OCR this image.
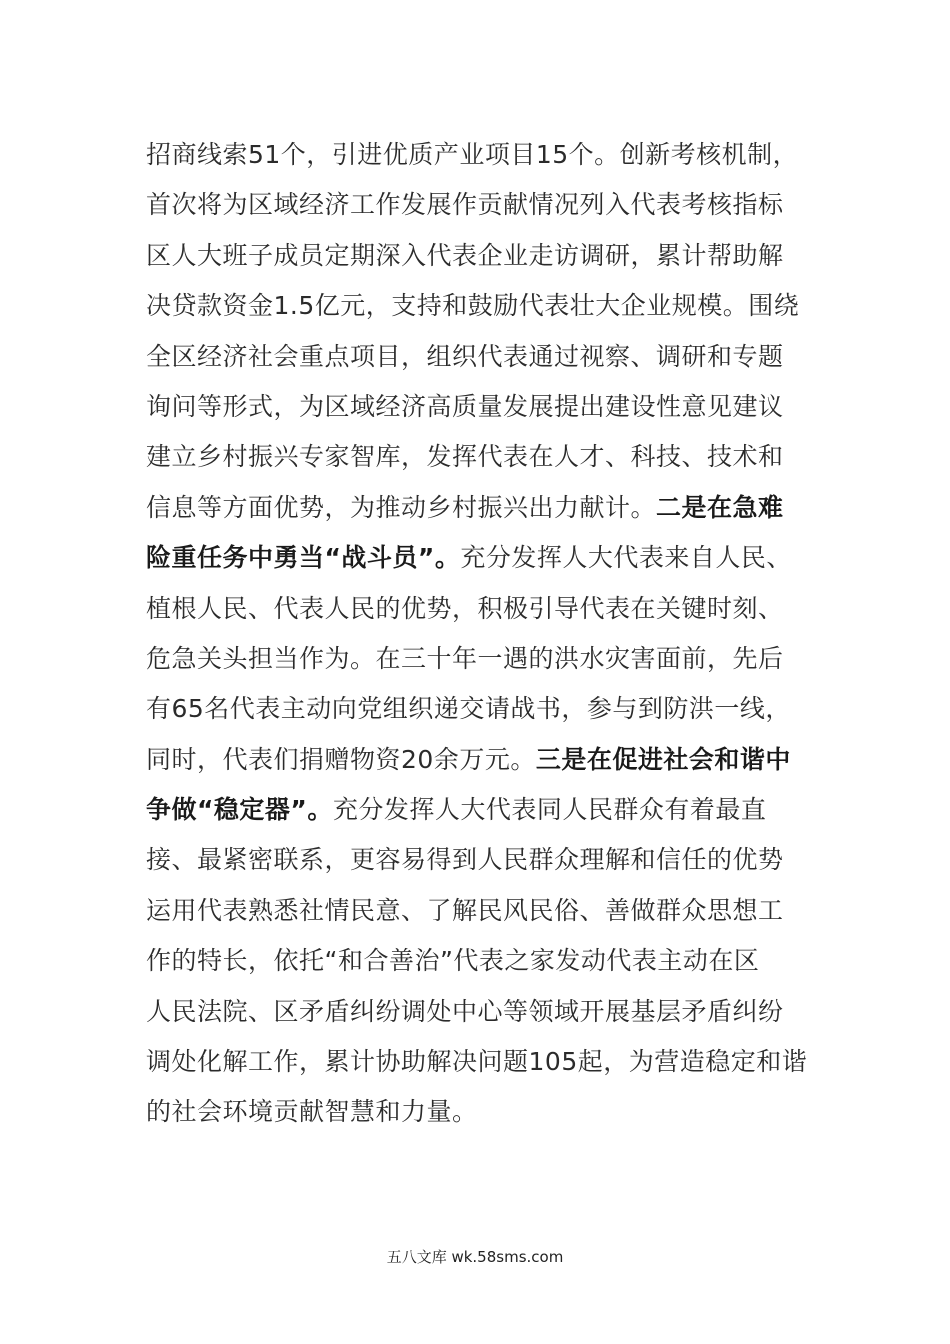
招商线索51个，引进优质产业项目15个。创新考核机制，
首次将为区域经济工作发展作贡献情况列入代表考核指标
区人大班子成员定期深入代表企业走访调研，累计帮助解
决贷款资金1.5亿元，支持和鼓励代表壮大企业规模。围绕
全区经济社会重点项目，组织代表通过视察、调研和专题
询问等形式，为区域经济高质量发展提出建设性意见建议
建立乡村振兴专家智库，发挥代表在人才、科技、技术和
信息等方面优势，为推动乡村振兴出力献计。二是在急难
险重任务中勇当“战斗员”。充分发挥人大代表来自人民、
植根人民、代表人民的优势，积极引导代表在关键时刻、
危急关头担当作为。在三十年一遇的洪水灾害面前，先后
有65名代表主动向党组织递交请战书，参与到防洪一线，
同时，代表们捐赠物资20余万元。三是在促进社会和谐中
争做“稳定器”。充分发挥人大代表同人民群众有着最直
接、最紧密联系，更容易得到人民群众理解和信任的优势
运用代表熟悉社情民意、了解民风民俗、善做群众思想工
作的特长，依托“和合善治”代表之家发动代表主动在区
人民法院、区矛盾纠纷调处中心等领域开展基层矛盾纠纷
调处化解工作，累计协助解决问题105起，为营造稳定和谐
的社会环境贡献智慧和力量。
五八文库 wk.58sms.com
